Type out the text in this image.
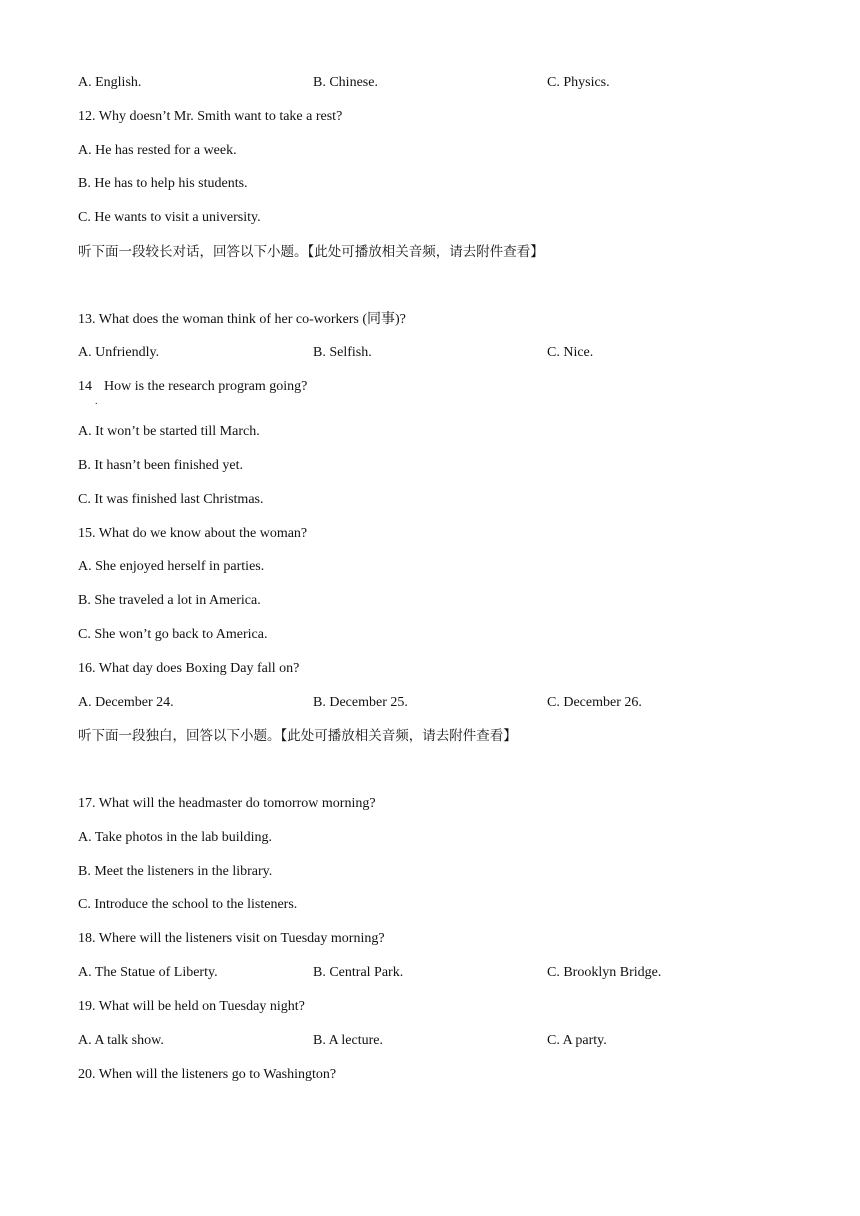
A. English.	B. Chinese.	C. Physics.
12. Why doesn’t Mr. Smith want to take a rest?
A. He has rested for a week.
B. He has to help his students.
C. He wants to visit a university.
听下面一段较长对话，回答以下小题。【此处可播放相关音频，请去附件查看】
13. What does the woman think of her co-workers (同事)?
A. Unfriendly.	B. Selfish.	C. Nice.
14 How is the research program going?
.
A. It won’t be started till March.
B. It hasn’t been finished yet.
C. It was finished last Christmas.
15. What do we know about the woman?
A. She enjoyed herself in parties.
B. She traveled a lot in America.
C. She won’t go back to America.
16. What day does Boxing Day fall on?
A. December 24.	B. December 25.	C. December 26.
听下面一段独白，回答以下小题。【此处可播放相关音频，请去附件查看】
17. What will the headmaster do tomorrow morning?
A. Take photos in the lab building.
B. Meet the listeners in the library.
C. Introduce the school to the listeners.
18. Where will the listeners visit on Tuesday morning?
A. The Statue of Liberty.	B. Central Park.	C. Brooklyn Bridge.
19. What will be held on Tuesday night?
A. A talk show.	B. A lecture.	C. A party.
20. When will the listeners go to Washington?
